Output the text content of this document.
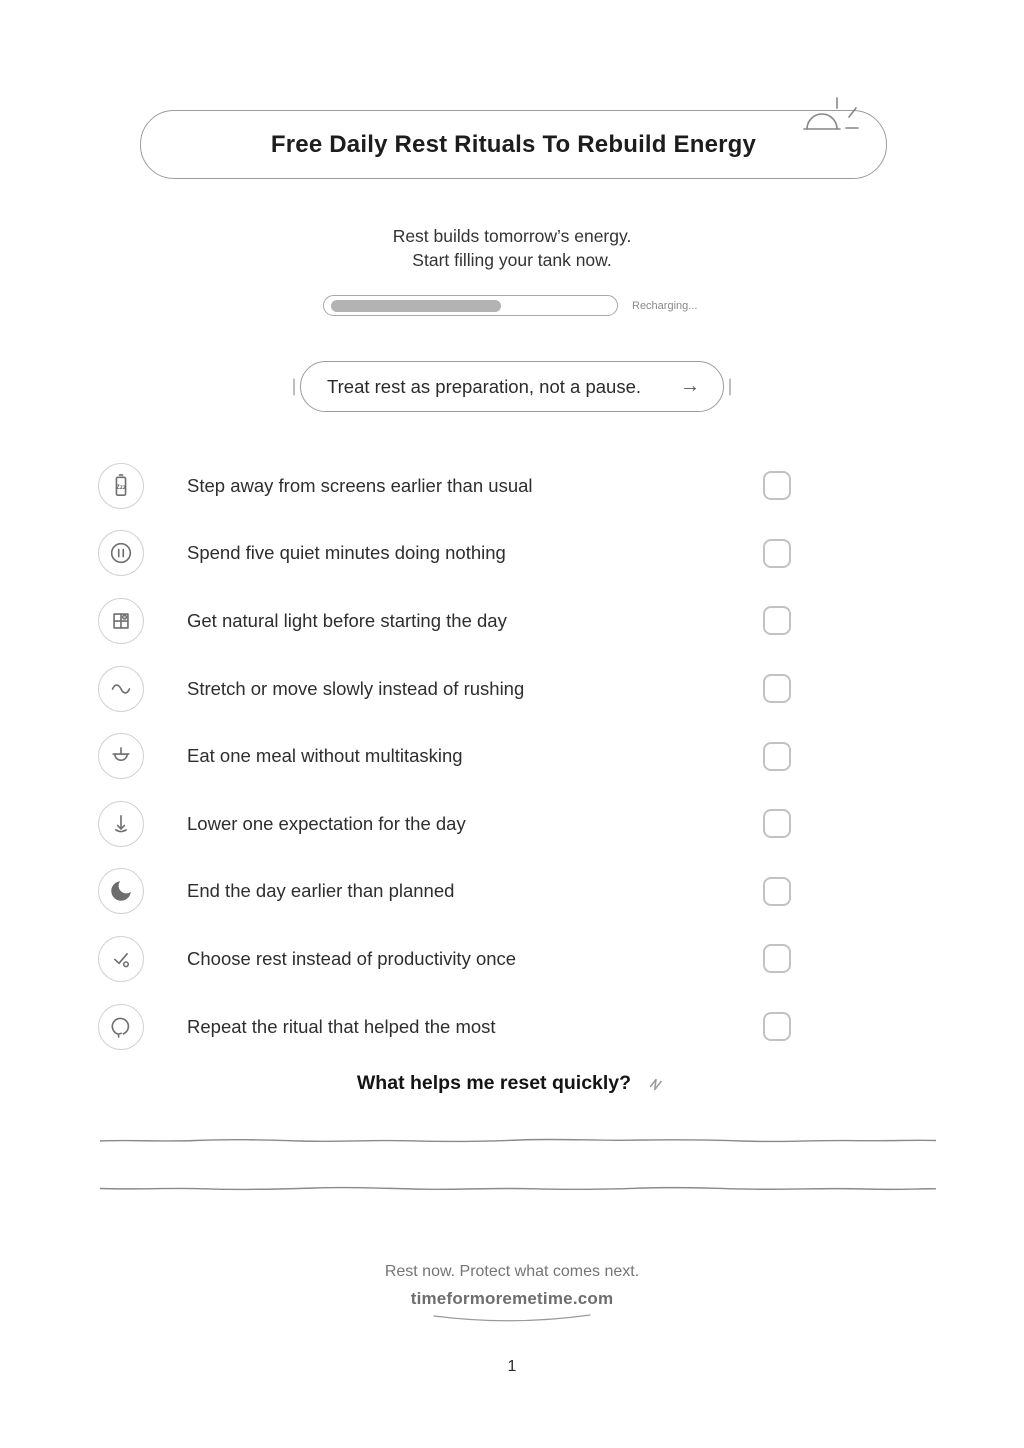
Free Daily Rest Rituals To Rebuild Energy
Rest builds tomorrow’s energy.
Start filling your tank now.
Recharging...
Treat rest as preparation, not a pause. →
Zzz	Step away from screens earlier than usual
Spend five quiet minutes doing nothing
Get natural light before starting the day
Stretch or move slowly instead of rushing
Eat one meal without multitasking
Lower one expectation for the day
End the day earlier than planned
Choose rest instead of productivity once
Repeat the ritual that helped the most
What helps me reset quickly?
Rest now. Protect what comes next.
timeformoremetime.com
1
